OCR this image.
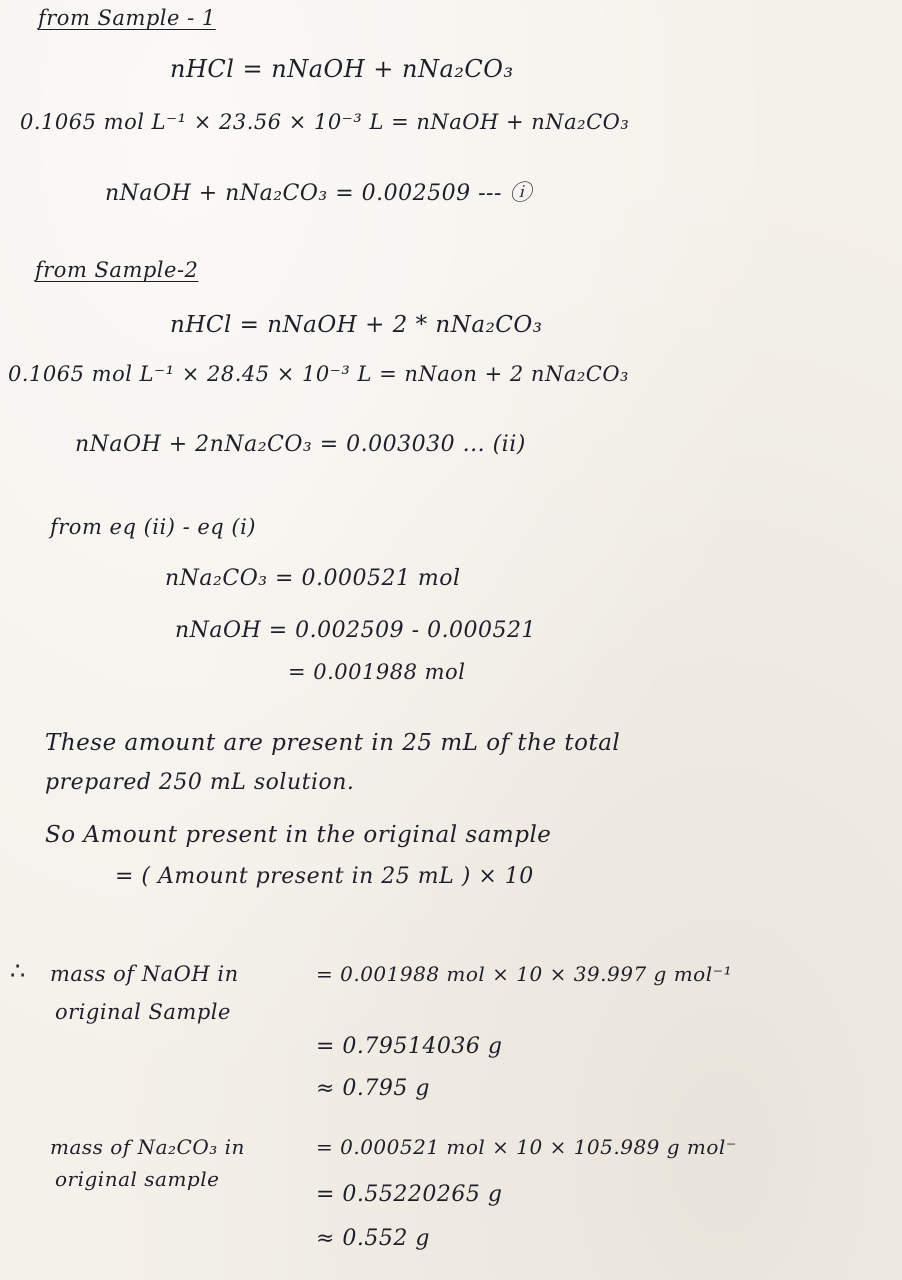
from Sample - 1
nHCl = nNaOH + nNa₂CO₃
0.1065 mol L⁻¹ × 23.56 × 10⁻³ L = nNaOH + nNa₂CO₃
nNaOH + nNa₂CO₃ = 0.002509 --- ⓘ
from Sample-2
nHCl = nNaOH + 2 * nNa₂CO₃
0.1065 mol L⁻¹ × 28.45 × 10⁻³ L = nNaon + 2 nNa₂CO₃
nNaOH + 2nNa₂CO₃ = 0.003030 ... (ii)
from eq (ii) - eq (i)
nNa₂CO₃ = 0.000521 mol
nNaOH = 0.002509 - 0.000521
= 0.001988 mol
These amount are present in 25 mL of the total
prepared 250 mL solution.
So Amount present in the original sample
= ( Amount present in 25 mL ) × 10
∴ mass of NaOH in	= 0.001988 mol × 10 × 39.997 g mol⁻¹
original Sample
= 0.79514036 g
≈ 0.795 g
mass of Na₂CO₃ in	= 0.000521 mol × 10 × 105.989 g mol⁻
original sample
= 0.55220265 g
≈ 0.552 g
